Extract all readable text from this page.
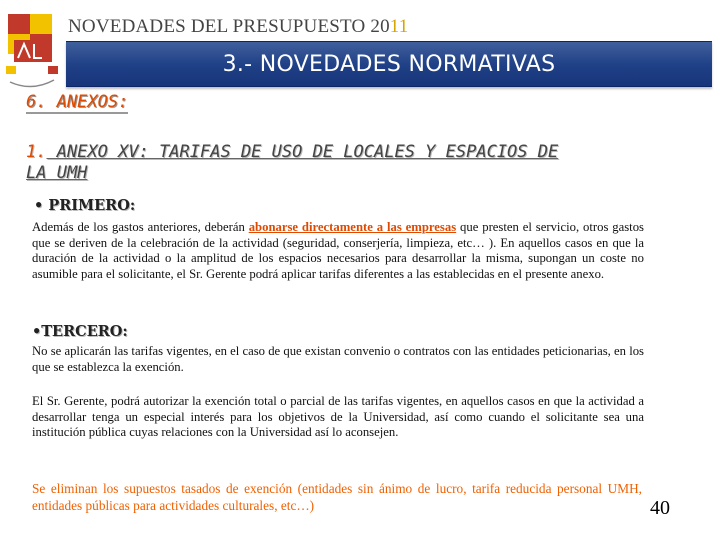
NOVEDADES DEL PRESUPUESTO 2011
3.- NOVEDADES NORMATIVAS
6. ANEXOS:
1. ANEXO XV: TARIFAS DE USO DE LOCALES Y ESPACIOS DE
LA UMH
• PRIMERO:
Además de los gastos anteriores, deberán abonarse directamente a las empresas que presten el servicio, otros gastos que se deriven de la celebración de la actividad (seguridad, conserjería, limpieza, etc… ). En aquellos casos en que la duración de la actividad o la amplitud de los espacios necesarios para desarrollar la misma, supongan un coste no asumible para el solicitante, el Sr. Gerente podrá aplicar tarifas diferentes a las establecidas en el presente anexo.
•TERCERO:
No se aplicarán las tarifas vigentes, en el caso de que existan convenio o contratos con las entidades peticionarias, en los que se establezca la exención.
El Sr. Gerente, podrá autorizar la exención total o parcial de las tarifas vigentes, en aquellos casos en que la actividad a desarrollar tenga un especial interés para los objetivos de la Universidad, así como cuando el solicitante sea una institución pública cuyas relaciones con la Universidad así lo aconsejen.
Se eliminan los supuestos tasados de exención (entidades sin ánimo de lucro, tarifa reducida personal UMH, entidades públicas para actividades culturales, etc…)	40
